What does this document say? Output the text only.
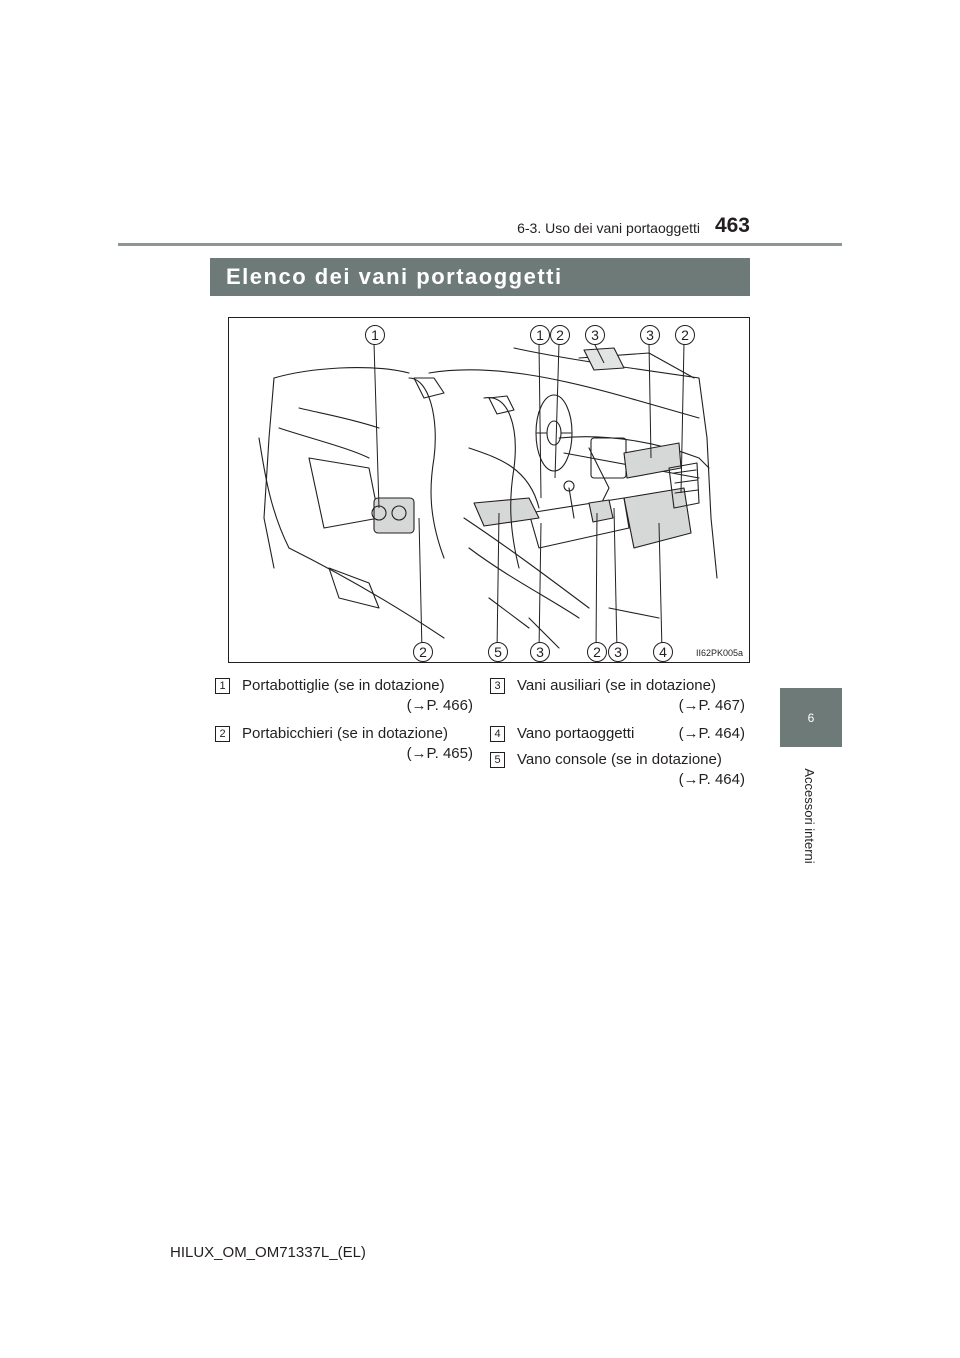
6-3. Uso dei vani portaoggetti 463
6
Accessori interni
Elenco dei vani portaoggetti
1	1 2	3	3	2
2	5	3	2 3	4	II62PK005a
1 Portabottiglie (se in dotazione)
(→P. 466)
2 Portabicchieri (se in dotazione)
(→P. 465)
3 Vani ausiliari (se in dotazione)
(→P. 467)
4 Vano portaoggetti	(→P. 464)
5 Vano console (se in dotazione)
(→P. 464)
HILUX_OM_OM71337L_(EL)
